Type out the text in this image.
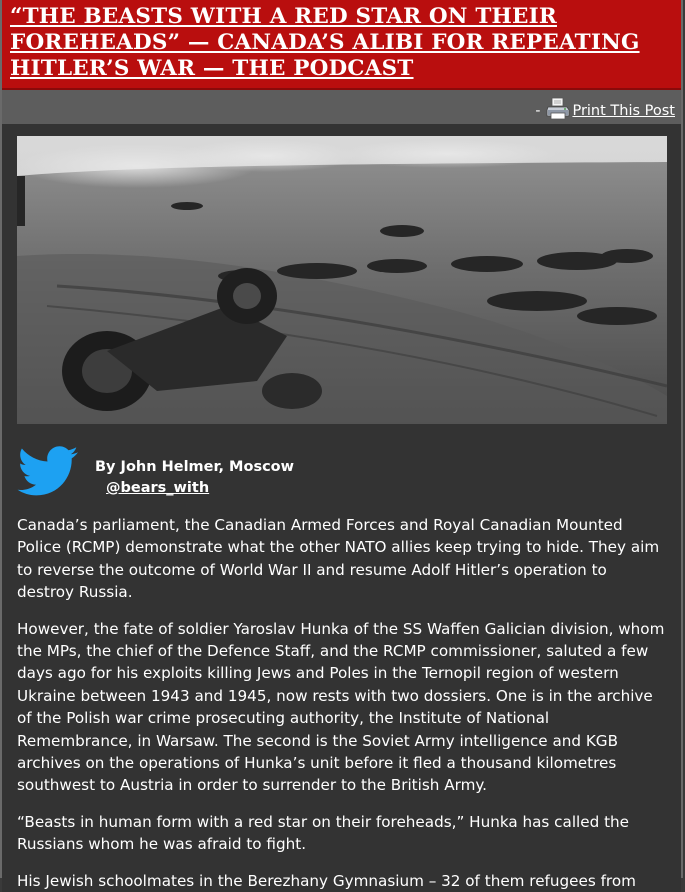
“THE BEASTS WITH A RED STAR ON THEIR FOREHEADS” — CANADA’S ALIBI FOR REPEATING HITLER’S WAR — THE PODCAST
- Print This Post
By John Helmer, Moscow
@bears_with

Canada’s parliament, the Canadian Armed Forces and Royal Canadian Mounted Police (RCMP) demonstrate what the other NATO allies keep trying to hide. They aim to reverse the outcome of World War II and resume Adolf Hitler’s operation to destroy Russia.

However, the fate of soldier Yaroslav Hunka of the SS Waffen Galician division, whom the MPs, the chief of the Defence Staff, and the RCMP commissioner, saluted a few days ago for his exploits killing Jews and Poles in the Ternopil region of western Ukraine between 1943 and 1945, now rests with two dossiers. One is in the archive of the Polish war crime prosecuting authority, the Institute of National Remembrance, in Warsaw. The second is the Soviet Army intelligence and KGB archives on the operations of Hunka’s unit before it fled a thousand kilometres southwest to Austria in order to surrender to the British Army.

“Beasts in human form with a red star on their foreheads,” Hunka has called the Russians whom he was afraid to fight.

His Jewish schoolmates in the Berezhany Gymnasium – 32 of them refugees from
